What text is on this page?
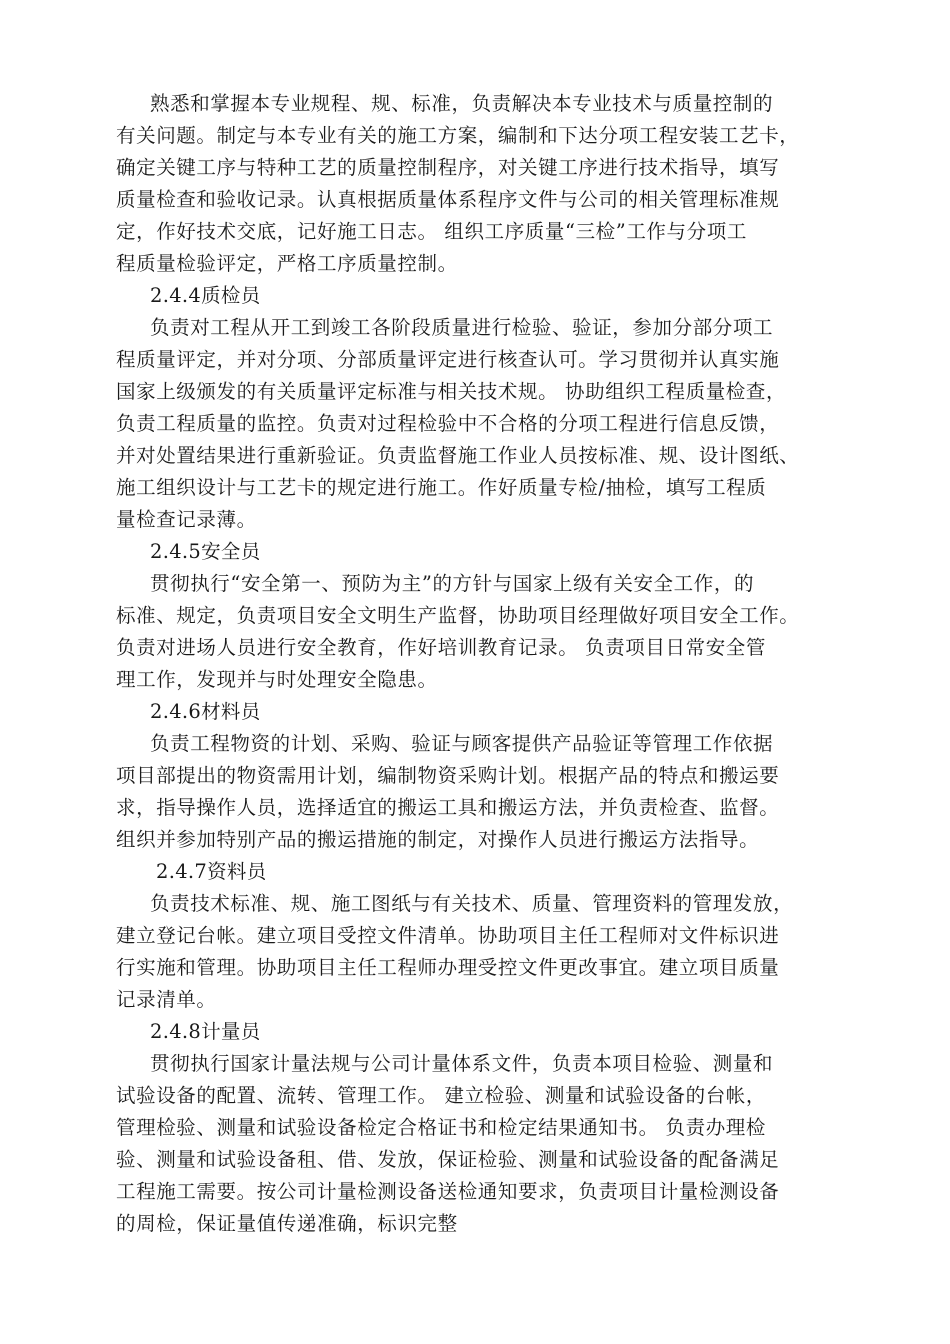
熟悉和掌握本专业规程、规、标准，负责解决本专业技术与质量控制的
有关问题。制定与本专业有关的施工方案，编制和下达分项工程安装工艺卡，
确定关键工序与特种工艺的质量控制程序，对关键工序进行技术指导，填写
质量检查和验收记录。认真根据质量体系程序文件与公司的相关管理标准规
定，作好技术交底，记好施工日志。 组织工序质量“三检”工作与分项工
程质量检验评定，严格工序质量控制。
2.4.4质检员
负责对工程从开工到竣工各阶段质量进行检验、验证，参加分部分项工
程质量评定，并对分项、分部质量评定进行核查认可。学习贯彻并认真实施
国家上级颁发的有关质量评定标准与相关技术规。 协助组织工程质量检查，
负责工程质量的监控。负责对过程检验中不合格的分项工程进行信息反馈，
并对处置结果进行重新验证。负责监督施工作业人员按标准、规、设计图纸、
施工组织设计与工艺卡的规定进行施工。作好质量专检/抽检，填写工程质
量检查记录薄。
2.4.5安全员
贯彻执行“安全第一、预防为主”的方针与国家上级有关安全工作，的
标准、规定，负责项目安全文明生产监督，协助项目经理做好项目安全工作。
负责对进场人员进行安全教育，作好培训教育记录。 负责项目日常安全管
理工作，发现并与时处理安全隐患。
2.4.6材料员
负责工程物资的计划、采购、验证与顾客提供产品验证等管理工作依据
项目部提出的物资需用计划，编制物资采购计划。根据产品的特点和搬运要
求，指导操作人员，选择适宜的搬运工具和搬运方法，并负责检查、监督。
组织并参加特别产品的搬运措施的制定，对操作人员进行搬运方法指导。
2.4.7资料员
负责技术标准、规、施工图纸与有关技术、质量、管理资料的管理发放，
建立登记台帐。建立项目受控文件清单。协助项目主任工程师对文件标识进
行实施和管理。协助项目主任工程师办理受控文件更改事宜。建立项目质量
记录清单。
2.4.8计量员
贯彻执行国家计量法规与公司计量体系文件，负责本项目检验、测量和
试验设备的配置、流转、管理工作。 建立检验、测量和试验设备的台帐，
管理检验、测量和试验设备检定合格证书和检定结果通知书。 负责办理检
验、测量和试验设备租、借、发放，保证检验、测量和试验设备的配备满足
工程施工需要。按公司计量检测设备送检通知要求，负责项目计量检测设备
的周检，保证量值传递准确，标识完整
